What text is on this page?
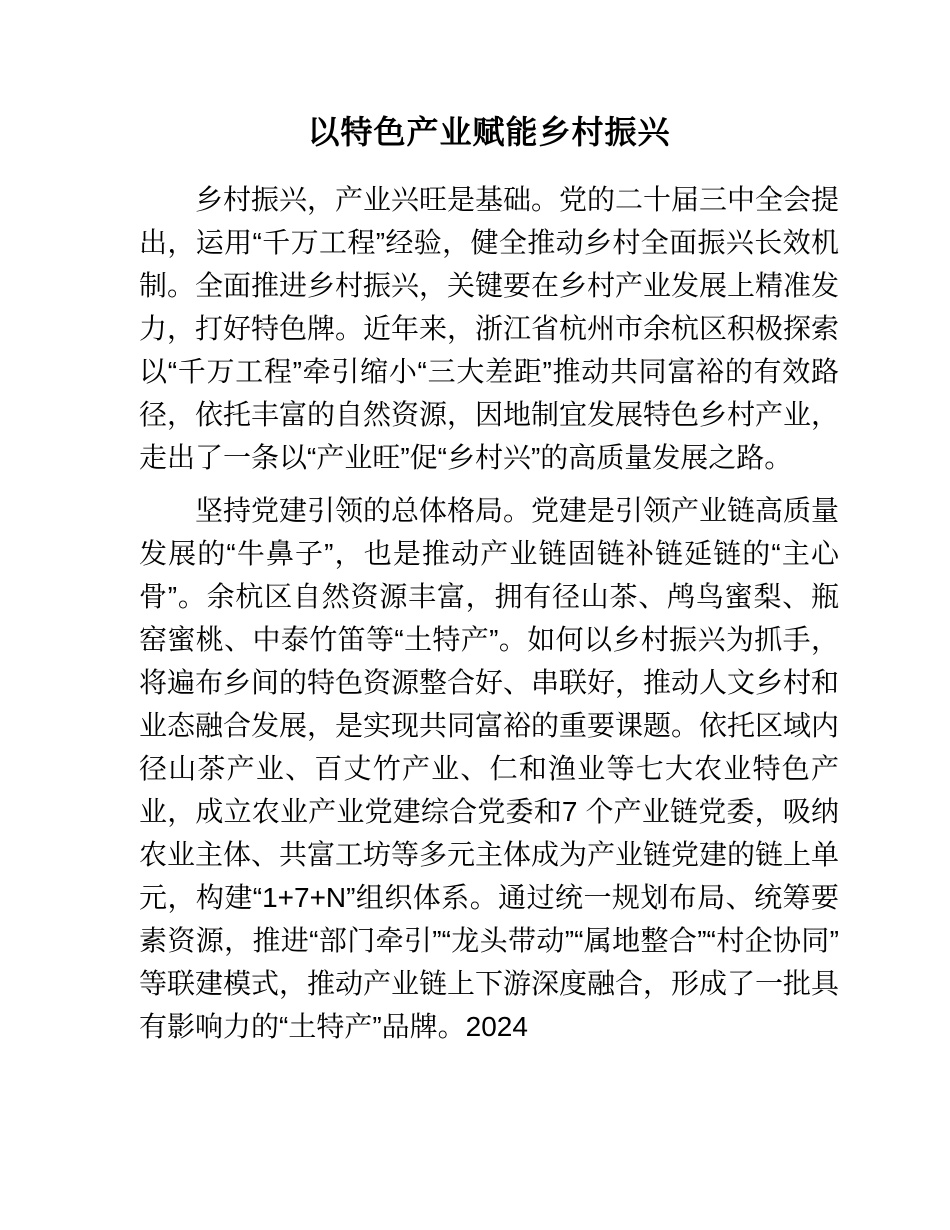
以特色产业赋能乡村振兴

乡村振兴，产业兴旺是基础。党的二十届三中全会提出，运用“千万工程”经验，健全推动乡村全面振兴长效机制。全面推进乡村振兴，关键要在乡村产业发展上精准发力，打好特色牌。近年来，浙江省杭州市余杭区积极探索以“千万工程”牵引缩小“三大差距”推动共同富裕的有效路径，依托丰富的自然资源，因地制宜发展特色乡村产业，走出了一条以“产业旺”促“乡村兴”的高质量发展之路。

坚持党建引领的总体格局。党建是引领产业链高质量发展的“牛鼻子”，也是推动产业链固链补链延链的“主心骨”。余杭区自然资源丰富，拥有径山茶、鸬鸟蜜梨、瓶窑蜜桃、中泰竹笛等“土特产”。如何以乡村振兴为抓手，将遍布乡间的特色资源整合好、串联好，推动人文乡村和业态融合发展，是实现共同富裕的重要课题。依托区域内径山茶产业、百丈竹产业、仁和渔业等七大农业特色产业，成立农业产业党建综合党委和7 个产业链党委，吸纳农业主体、共富工坊等多元主体成为产业链党建的链上单元，构建“1+7+N”组织体系。通过统一规划布局、统筹要素资源，推进“部门牵引”“龙头带动”“属地整合”“村企协同”等联建模式，推动产业链上下游深度融合，形成了一批具有影响力的“土特产”品牌。2024
